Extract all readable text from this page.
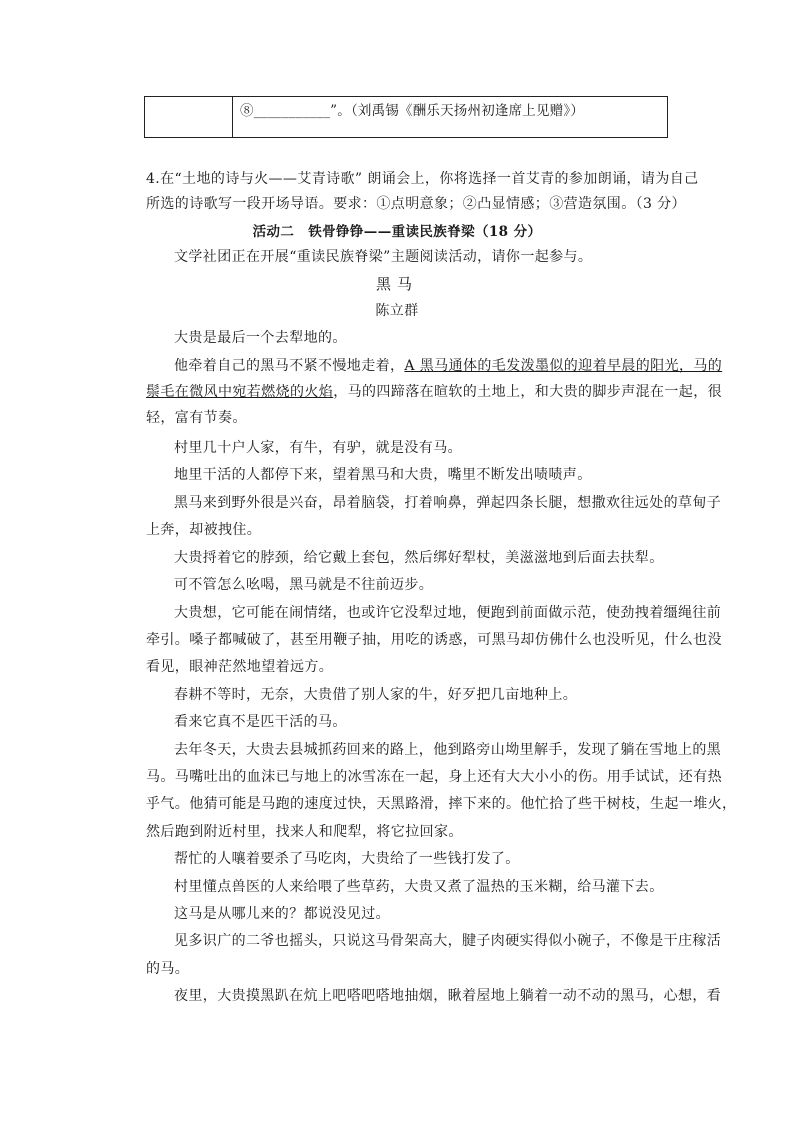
⑧___________”。（刘禹锡《酬乐天扬州初逢席上见赠》）
4.在“土地的诗与火——艾青诗歌” 朗诵会上，你将选择一首艾青的参加朗诵，请为自己
所选的诗歌写一段开场导语。要求：①点明意象；②凸显情感；③营造氛围。（3 分）
活动二　铁骨铮铮——重读民族脊梁（18 分）
文学社团正在开展“重读民族脊梁”主题阅读活动，请你一起参与。
黑马
陈立群
大贵是最后一个去犁地的。
他牵着自己的黑马不紧不慢地走着，A 黑马通体的毛发泼墨似的迎着早晨的阳光，马的
鬃毛在微风中宛若燃烧的火焰，马的四蹄落在暄软的土地上，和大贵的脚步声混在一起，很
轻，富有节奏。
村里几十户人家，有牛，有驴，就是没有马。
地里干活的人都停下来，望着黑马和大贵，嘴里不断发出啧啧声。
黑马来到野外很是兴奋，昂着脑袋，打着响鼻，弹起四条长腿，想撒欢往远处的草甸子
上奔，却被拽住。
大贵捋着它的脖颈，给它戴上套包，然后绑好犁杖，美滋滋地到后面去扶犁。
可不管怎么吆喝，黑马就是不往前迈步。
大贵想，它可能在闹情绪，也或许它没犁过地，便跑到前面做示范，使劲拽着缰绳往前
牵引。嗓子都喊破了，甚至用鞭子抽，用吃的诱惑，可黑马却仿佛什么也没听见，什么也没
看见，眼神茫然地望着远方。
春耕不等时，无奈，大贵借了别人家的牛，好歹把几亩地种上。
看来它真不是匹干活的马。
去年冬天，大贵去县城抓药回来的路上，他到路旁山坳里解手，发现了躺在雪地上的黑
马。马嘴吐出的血沫已与地上的冰雪冻在一起，身上还有大大小小的伤。用手试试，还有热
乎气。他猜可能是马跑的速度过快，天黑路滑，摔下来的。他忙拾了些干树枝，生起一堆火，
然后跑到附近村里，找来人和爬犁，将它拉回家。
帮忙的人嚷着要杀了马吃肉，大贵给了一些钱打发了。
村里懂点兽医的人来给喂了些草药，大贵又煮了温热的玉米糊，给马灌下去。
这马是从哪儿来的？都说没见过。
见多识广的二爷也摇头，只说这马骨架高大，腱子肉硬实得似小碗子，不像是干庄稼活
的马。
夜里，大贵摸黑趴在炕上吧嗒吧嗒地抽烟，瞅着屋地上躺着一动不动的黑马，心想，看
